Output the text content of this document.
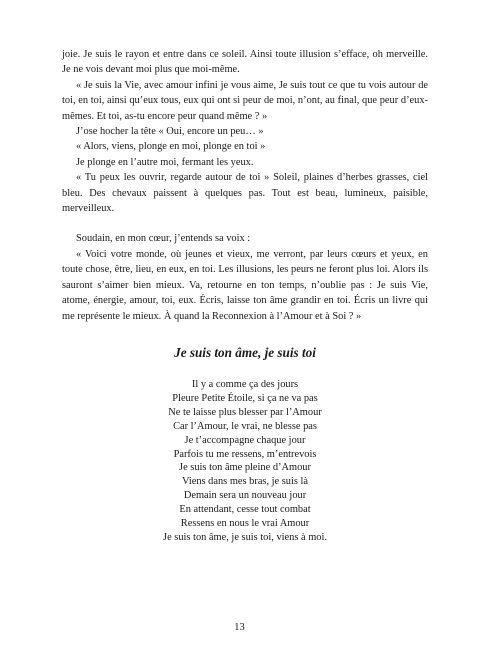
joie. Je suis le rayon et entre dans ce soleil. Ainsi toute illusion s’efface, oh merveille. Je ne vois devant moi plus que moi-même.

« Je suis la Vie, avec amour infini je vous aime, Je suis tout ce que tu vois autour de toi, en toi, ainsi qu’eux tous, eux qui ont si peur de moi, n’ont, au final, que peur d’eux-mêmes. Et toi, as-tu encore peur quand même ? »

J’ose hocher la tête « Oui, encore un peu… »

« Alors, viens, plonge en moi, plonge en toi »

Je plonge en l’autre moi, fermant les yeux.

« Tu peux les ouvrir, regarde autour de toi » Soleil, plaines d’herbes grasses, ciel bleu. Des chevaux paissent à quelques pas. Tout est beau, lumineux, paisible, merveilleux.

Soudain, en mon cœur, j’entends sa voix :

« Voici votre monde, où jeunes et vieux, me verront, par leurs cœurs et yeux, en toute chose, être, lieu, en eux, en toi. Les illusions, les peurs ne feront plus loi. Alors ils sauront s’aimer bien mieux. Va, retourne en ton temps, n’oublie pas : Je suis Vie, atome, énergie, amour, toi, eux. Écris, laisse ton âme grandir en toi. Écris un livre qui me représente le mieux. À quand la Reconnexion à l’Amour et à Soi ? »

Je suis ton âme, je suis toi
Il y a comme ça des jours
Pleure Petite Étoile, si ça ne va pas
Ne te laisse plus blesser par l’Amour
Car l’Amour, le vrai, ne blesse pas
Je t’accompagne chaque jour
Parfois tu me ressens, m’entrevois
Je suis ton âme pleine d’Amour
Viens dans mes bras, je suis là
Demain sera un nouveau jour
En attendant, cesse tout combat
Ressens en nous le vrai Amour
Je suis ton âme, je suis toi, viens à moi.
13
